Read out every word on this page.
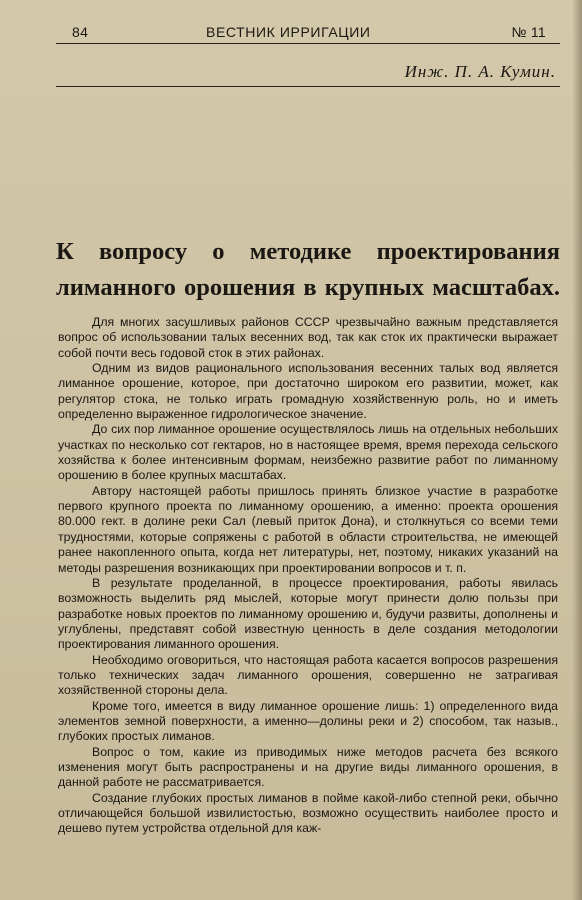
84	ВЕСТНИК ИРРИГАЦИИ	№ 11
Инж. П. А. Кумин.
К вопросу о методике проектирования лиманного орошения в крупных масштабах.

Для многих засушливых районов СССР чрезвычайно важным представляется вопрос об использовании талых весенних вод, так как сток их практически выражает собой почти весь годовой сток в этих районах.

Одним из видов рационального использования весенних талых вод является лиманное орошение, которое, при достаточно широком его развитии, может, как регулятор стока, не только играть громадную хозяйственную роль, но и иметь определенно выраженное гидрологическое значение.

До сих пор лиманное орошение осуществлялось лишь на отдельных небольших участках по несколько сот гектаров, но в настоящее время, время перехода сельского хозяйства к более интенсивным формам, неизбежно развитие работ по лиманному орошению в более крупных масштабах.

Автору настоящей работы пришлось принять близкое участие в разработке первого крупного проекта по лиманному орошению, а именно: проекта орошения 80.000 гект. в долине реки Сал (левый приток Дона), и столкнуться со всеми теми трудностями, которые сопряжены с работой в области строительства, не имеющей ранее накопленного опыта, когда нет литературы, нет, поэтому, никаких указаний на методы разрешения возникающих при проектировании вопросов и т. п.

В результате проделанной, в процессе проектирования, работы явилась возможность выделить ряд мыслей, которые могут принести долю пользы при разработке новых проектов по лиманному орошению и, будучи развиты, дополнены и углублены, представят собой известную ценность в деле создания методологии проектирования лиманного орошения.

Необходимо оговориться, что настоящая работа касается вопросов разрешения только технических задач лиманного орошения, совершенно не затрагивая хозяйственной стороны дела.

Кроме того, имеется в виду лиманное орошение лишь: 1) определенного вида элементов земной поверхности, а именно—долины реки и 2) способом, так назыв., глубоких простых лиманов.

Вопрос о том, какие из приводимых ниже методов расчета без всякого изменения могут быть распространены и на другие виды лиманного орошения, в данной работе не рассматривается.

Создание глубоких простых лиманов в пойме какой-либо степной реки, обычно отличающейся большой извилистостью, возможно осуществить наиболее просто и дешево путем устройства отдельной для каж-
